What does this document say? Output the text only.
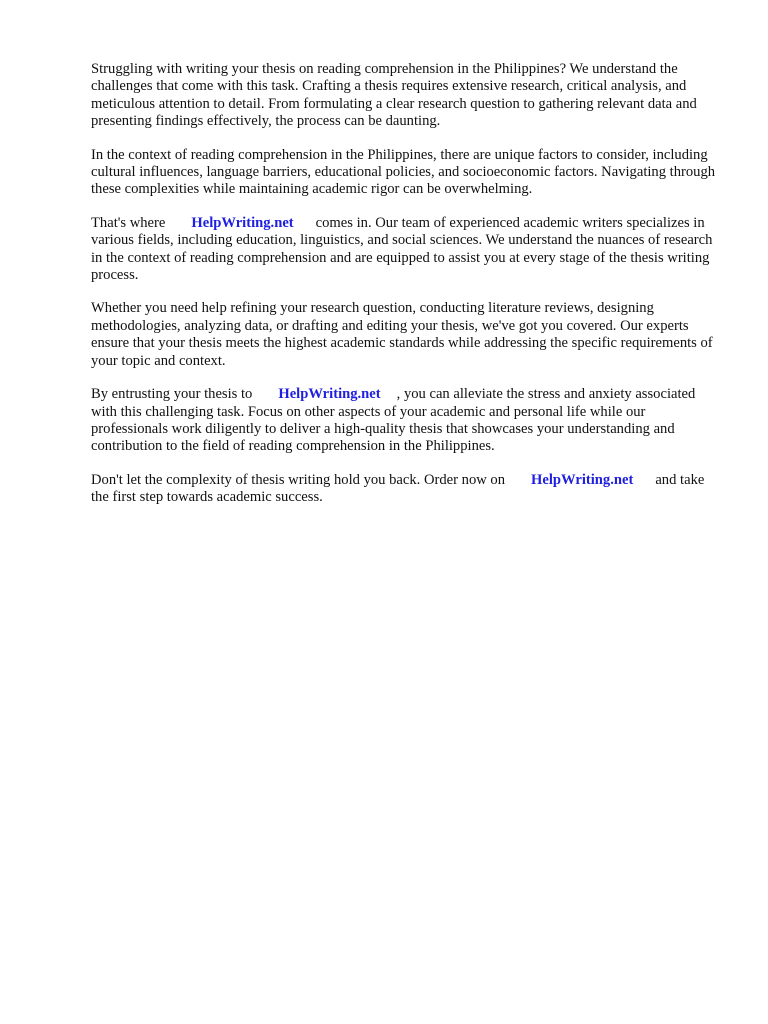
Struggling with writing your thesis on reading comprehension in the Philippines? We understand the challenges that come with this task. Crafting a thesis requires extensive research, critical analysis, and meticulous attention to detail. From formulating a clear research question to gathering relevant data and presenting findings effectively, the process can be daunting.

In the context of reading comprehension in the Philippines, there are unique factors to consider, including cultural influences, language barriers, educational policies, and socioeconomic factors. Navigating through these complexities while maintaining academic rigor can be overwhelming.

That's where HelpWriting.net comes in. Our team of experienced academic writers specializes in various fields, including education, linguistics, and social sciences. We understand the nuances of research in the context of reading comprehension and are equipped to assist you at every stage of the thesis writing process.

Whether you need help refining your research question, conducting literature reviews, designing methodologies, analyzing data, or drafting and editing your thesis, we've got you covered. Our experts ensure that your thesis meets the highest academic standards while addressing the specific requirements of your topic and context.

By entrusting your thesis to HelpWriting.net , you can alleviate the stress and anxiety associated with this challenging task. Focus on other aspects of your academic and personal life while our professionals work diligently to deliver a high-quality thesis that showcases your understanding and contribution to the field of reading comprehension in the Philippines.

Don't let the complexity of thesis writing hold you back. Order now on HelpWriting.net and take the first step towards academic success.
